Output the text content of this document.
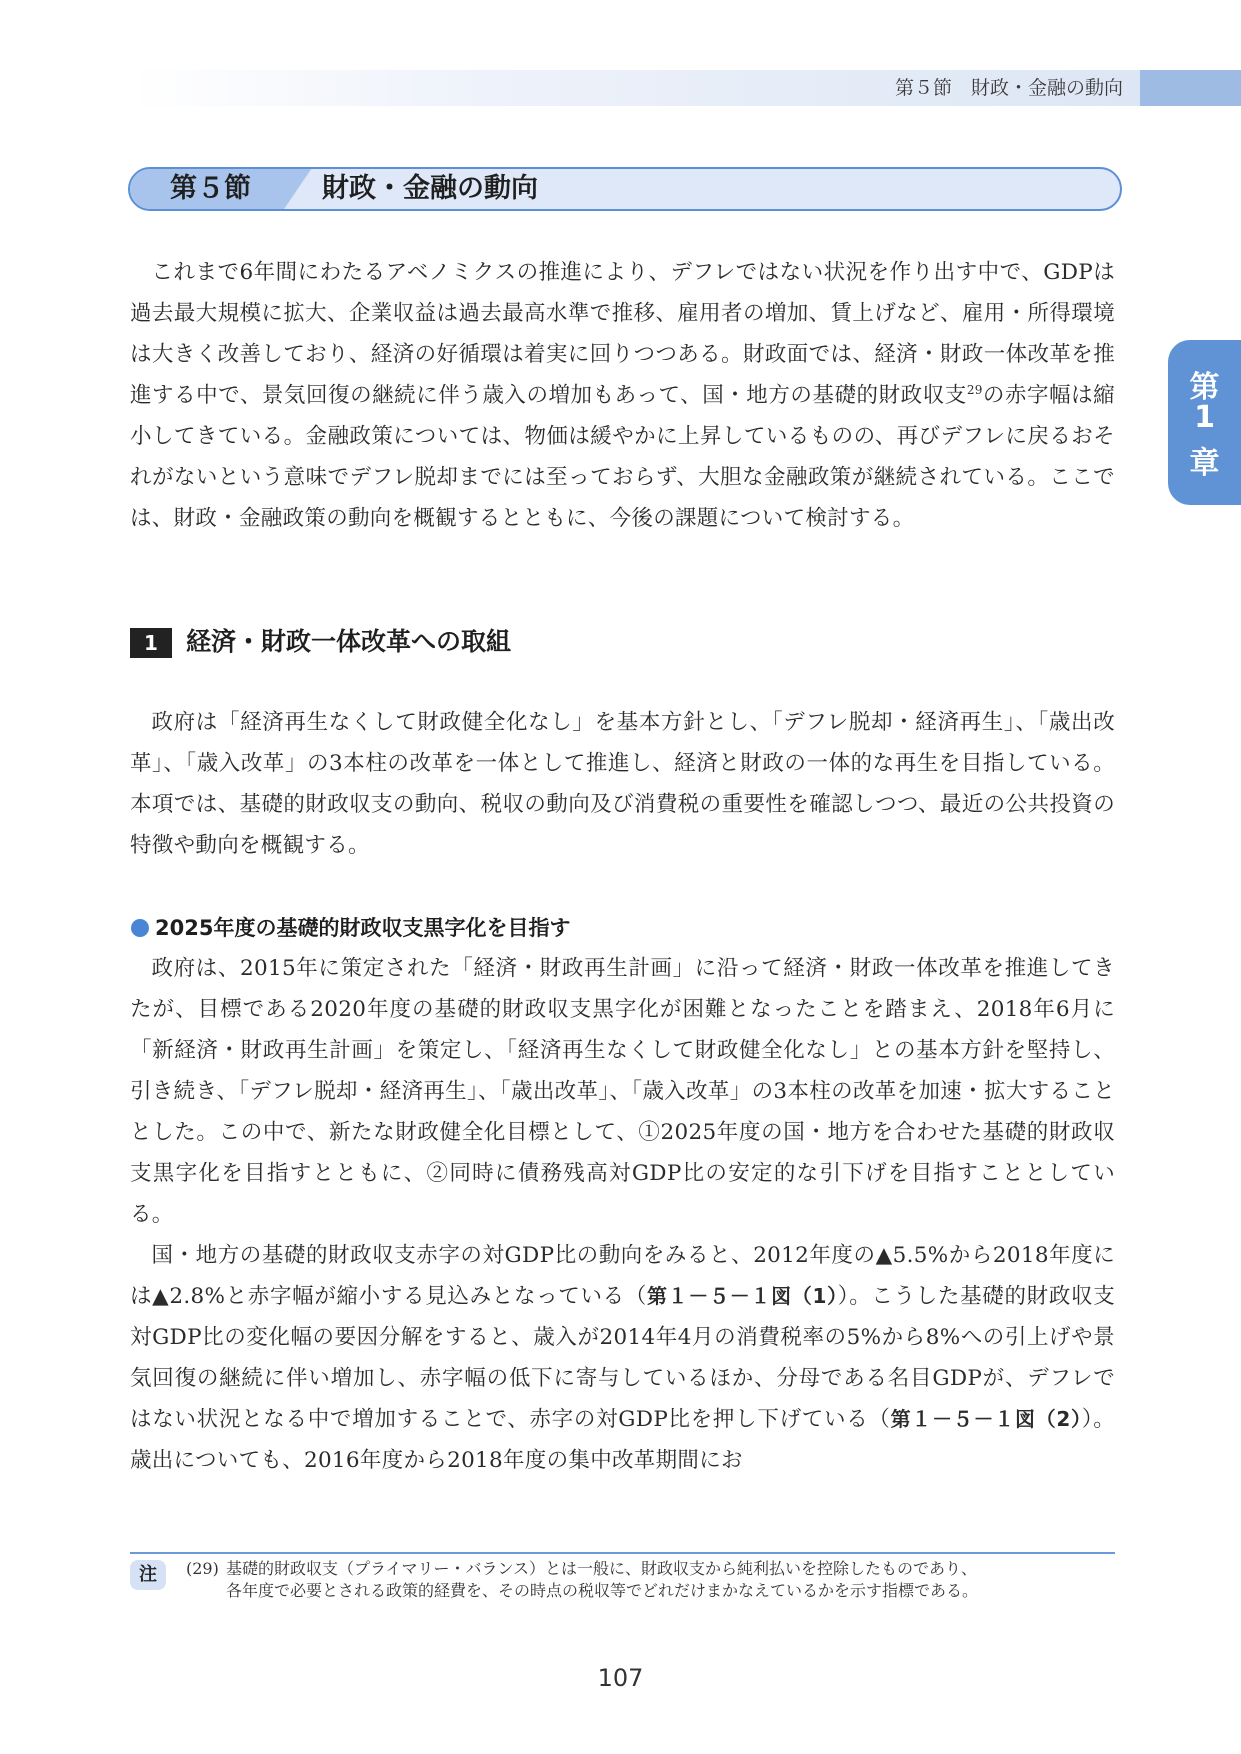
第５節　財政・金融の動向
第５節	財政・金融の動向
第
1
章
これまで6年間にわたるアベノミクスの推進により、デフレではない状況を作り出す中で、GDPは過去最大規模に拡大、企業収益は過去最高水準で推移、雇用者の増加、賃上げなど、雇用・所得環境は大きく改善しており、経済の好循環は着実に回りつつある。財政面では、経済・財政一体改革を推進する中で、景気回復の継続に伴う歳入の増加もあって、国・地方の基礎的財政収支$^{29}$の赤字幅は縮小してきている。金融政策については、物価は緩やかに上昇しているものの、再びデフレに戻るおそれがないという意味でデフレ脱却までには至っておらず、大胆な金融政策が継続されている。ここでは、財政・金融政策の動向を概観するとともに、今後の課題について検討する。
1	経済・財政一体改革への取組
政府は「経済再生なくして財政健全化なし」を基本方針とし、「デフレ脱却・経済再生」、「歳出改革」、「歳入改革」の3本柱の改革を一体として推進し、経済と財政の一体的な再生を目指している。本項では、基礎的財政収支の動向、税収の動向及び消費税の重要性を確認しつつ、最近の公共投資の特徴や動向を概観する。
2025年度の基礎的財政収支黒字化を目指す
政府は、2015年に策定された「経済・財政再生計画」に沿って経済・財政一体改革を推進してきたが、目標である2020年度の基礎的財政収支黒字化が困難となったことを踏まえ、2018年6月に「新経済・財政再生計画」を策定し、「経済再生なくして財政健全化なし」との基本方針を堅持し、引き続き、「デフレ脱却・経済再生」、「歳出改革」、「歳入改革」の3本柱の改革を加速・拡大することとした。この中で、新たな財政健全化目標として、①2025年度の国・地方を合わせた基礎的財政収支黒字化を目指すとともに、②同時に債務残高対GDP比の安定的な引下げを目指すこととしている。
国・地方の基礎的財政収支赤字の対GDP比の動向をみると、2012年度の▲5.5%から2018年度には▲2.8%と赤字幅が縮小する見込みとなっている（第１－５－１図（1））。こうした基礎的財政収支対GDP比の変化幅の要因分解をすると、歳入が2014年4月の消費税率の5%から8%への引上げや景気回復の継続に伴い増加し、赤字幅の低下に寄与しているほか、分母である名目GDPが、デフレではない状況となる中で増加することで、赤字の対GDP比を押し下げている（第１－５－１図（2））。歳出についても、2016年度から2018年度の集中改革期間にお
注	(29) 基礎的財政収支（プライマリー・バランス）とは一般に、財政収支から純利払いを控除したものであり、
各年度で必要とされる政策的経費を、その時点の税収等でどれだけまかなえているかを示す指標である。
107
